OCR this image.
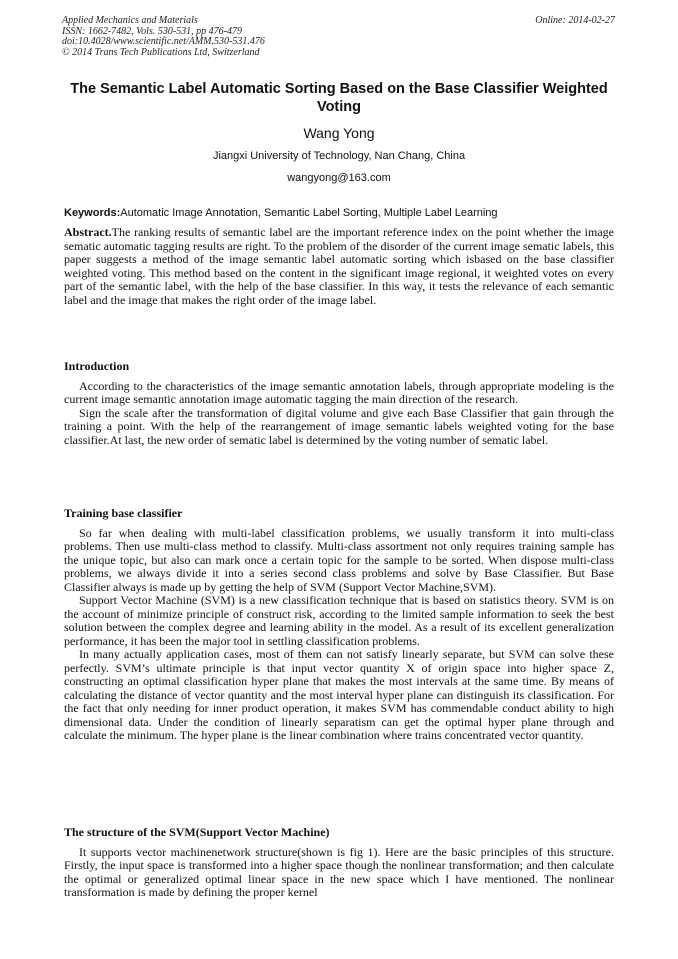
Applied Mechanics and Materials
ISSN: 1662-7482, Vols. 530-531, pp 476-479
doi:10.4028/www.scientific.net/AMM.530-531.476
© 2014 Trans Tech Publications Ltd, Switzerland
Online: 2014-02-27
The Semantic Label Automatic Sorting Based on the Base Classifier Weighted Voting
Wang Yong
Jiangxi University of Technology, Nan Chang, China
wangyong@163.com
Keywords:Automatic Image Annotation, Semantic Label Sorting, Multiple Label Learning

Abstract.The ranking results of semantic label are the important reference index on the point whether the image sematic automatic tagging results are right. To the problem of the disorder of the current image sematic labels, this paper suggests a method of the image semantic label automatic sorting which isbased on the base classifier weighted voting. This method based on the content in the significant image regional, it weighted votes on every part of the semantic label, with the help of the base classifier. In this way, it tests the relevance of each semantic label and the image that makes the right order of the image label.

Introduction

According to the characteristics of the image semantic annotation labels, through appropriate modeling is the current image semantic annotation image automatic tagging the main direction of the research.

Sign the scale after the transformation of digital volume and give each Base Classifier that gain through the training a point. With the help of the rearrangement of image semantic labels weighted voting for the base classifier.At last, the new order of sematic label is determined by the voting number of sematic label.

Training base classifier

So far when dealing with multi-label classification problems, we usually transform it into multi-class problems. Then use multi-class method to classify. Multi-class assortment not only requires training sample has the unique topic, but also can mark once a certain topic for the sample to be sorted. When dispose multi-class problems, we always divide it into a series second class problems and solve by Base Classifier. But Base Classifier always is made up by getting the help of SVM (Support Vector Machine,SVM).

Support Vector Machine (SVM) is a new classification technique that is based on statistics theory. SVM is on the account of minimize principle of construct risk, according to the limited sample information to seek the best solution between the complex degree and learning ability in the model. As a result of its excellent generalization performance, it has been the major tool in settling classification problems.

In many actually application cases, most of them can not satisfy linearly separate, but SVM can solve these perfectly. SVM’s ultimate principle is that input vector quantity X of origin space into higher space Z, constructing an optimal classification hyper plane that makes the most intervals at the same time. By means of calculating the distance of vector quantity and the most interval hyper plane can distinguish its classification. For the fact that only needing for inner product operation, it makes SVM has commendable conduct ability to high dimensional data. Under the condition of linearly separatism can get the optimal hyper plane through and calculate the minimum. The hyper plane is the linear combination where trains concentrated vector quantity.

The structure of the SVM(Support Vector Machine)

It supports vector machinenetwork structure(shown is fig 1). Here are the basic principles of this structure. Firstly, the input space is transformed into a higher space though the nonlinear transformation; and then calculate the optimal or generalized optimal linear space in the new space which I have mentioned. The nonlinear transformation is made by defining the proper kernel
